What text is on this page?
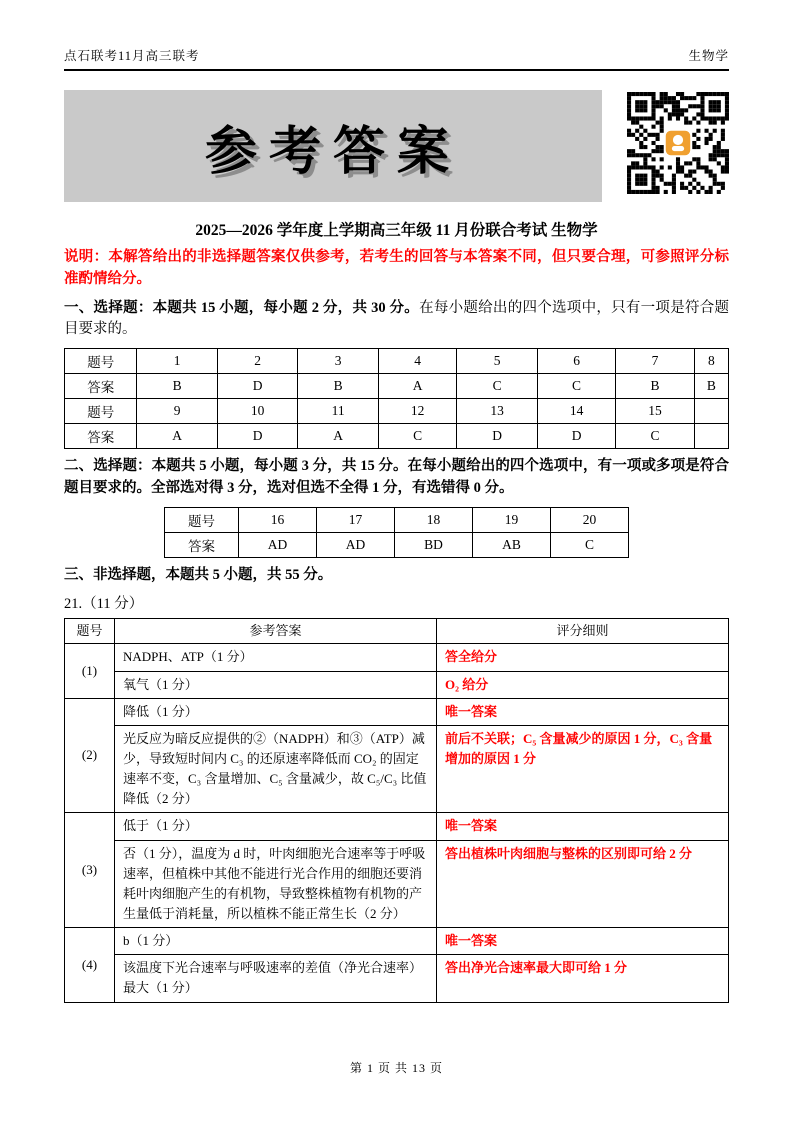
点石联考11月高三联考	生物学
参考答案
2025—2026 学年度上学期高三年级 11 月份联合考试 生物学
说明：本解答给出的非选择题答案仅供参考，若考生的回答与本答案不同，但只要合理，可参照评分标准酌情给分。
一、选择题：本题共 15 小题，每小题 2 分，共 30 分。在每小题给出的四个选项中，只有一项是符合题目要求的。
题号	1	2	3	4	5	6	7	8
答案	B	D	B	A	C	C	B	B
题号	9	10	11	12	13	14	15	
答案	A	D	A	C	D	D	C	
二、选择题：本题共 5 小题，每小题 3 分，共 15 分。在每小题给出的四个选项中，有一项或多项是符合题目要求的。全部选对得 3 分，选对但选不全得 1 分，有选错得 0 分。
题号	16	17	18	19	20
答案	AD	AD	BD	AB	C
三、非选择题，本题共 5 小题，共 55 分。
21.（11 分）
题号	参考答案	评分细则
(1)	NADPH、ATP（1 分）	答全给分
	氧气（1 分）	O₂ 给分
(2)	降低（1 分）	唯一答案
	光反应为暗反应提供的②（NADPH）和③（ATP）减少，导致短时间内 C₃ 的还原速率降低而 CO₂ 的固定速率不变，C₃ 含量增加、C₅ 含量减少，故 C₅/C₃ 比值降低（2 分）	前后不关联；C₅ 含量减少的原因 1 分，C₃ 含量增加的原因 1 分
(3)	低于（1 分）	唯一答案
	否（1 分），温度为 d 时，叶肉细胞光合速率等于呼吸速率，但植株中其他不能进行光合作用的细胞还要消耗叶肉细胞产生的有机物，导致整株植物有机物的产生量低于消耗量，所以植株不能正常生长（2 分）	答出植株叶肉细胞与整株的区别即可给 2 分
(4)	b（1 分）	唯一答案
	该温度下光合速率与呼吸速率的差值（净光合速率）最大（1 分）	答出净光合速率最大即可给 1 分
第 1 页 共 13 页
